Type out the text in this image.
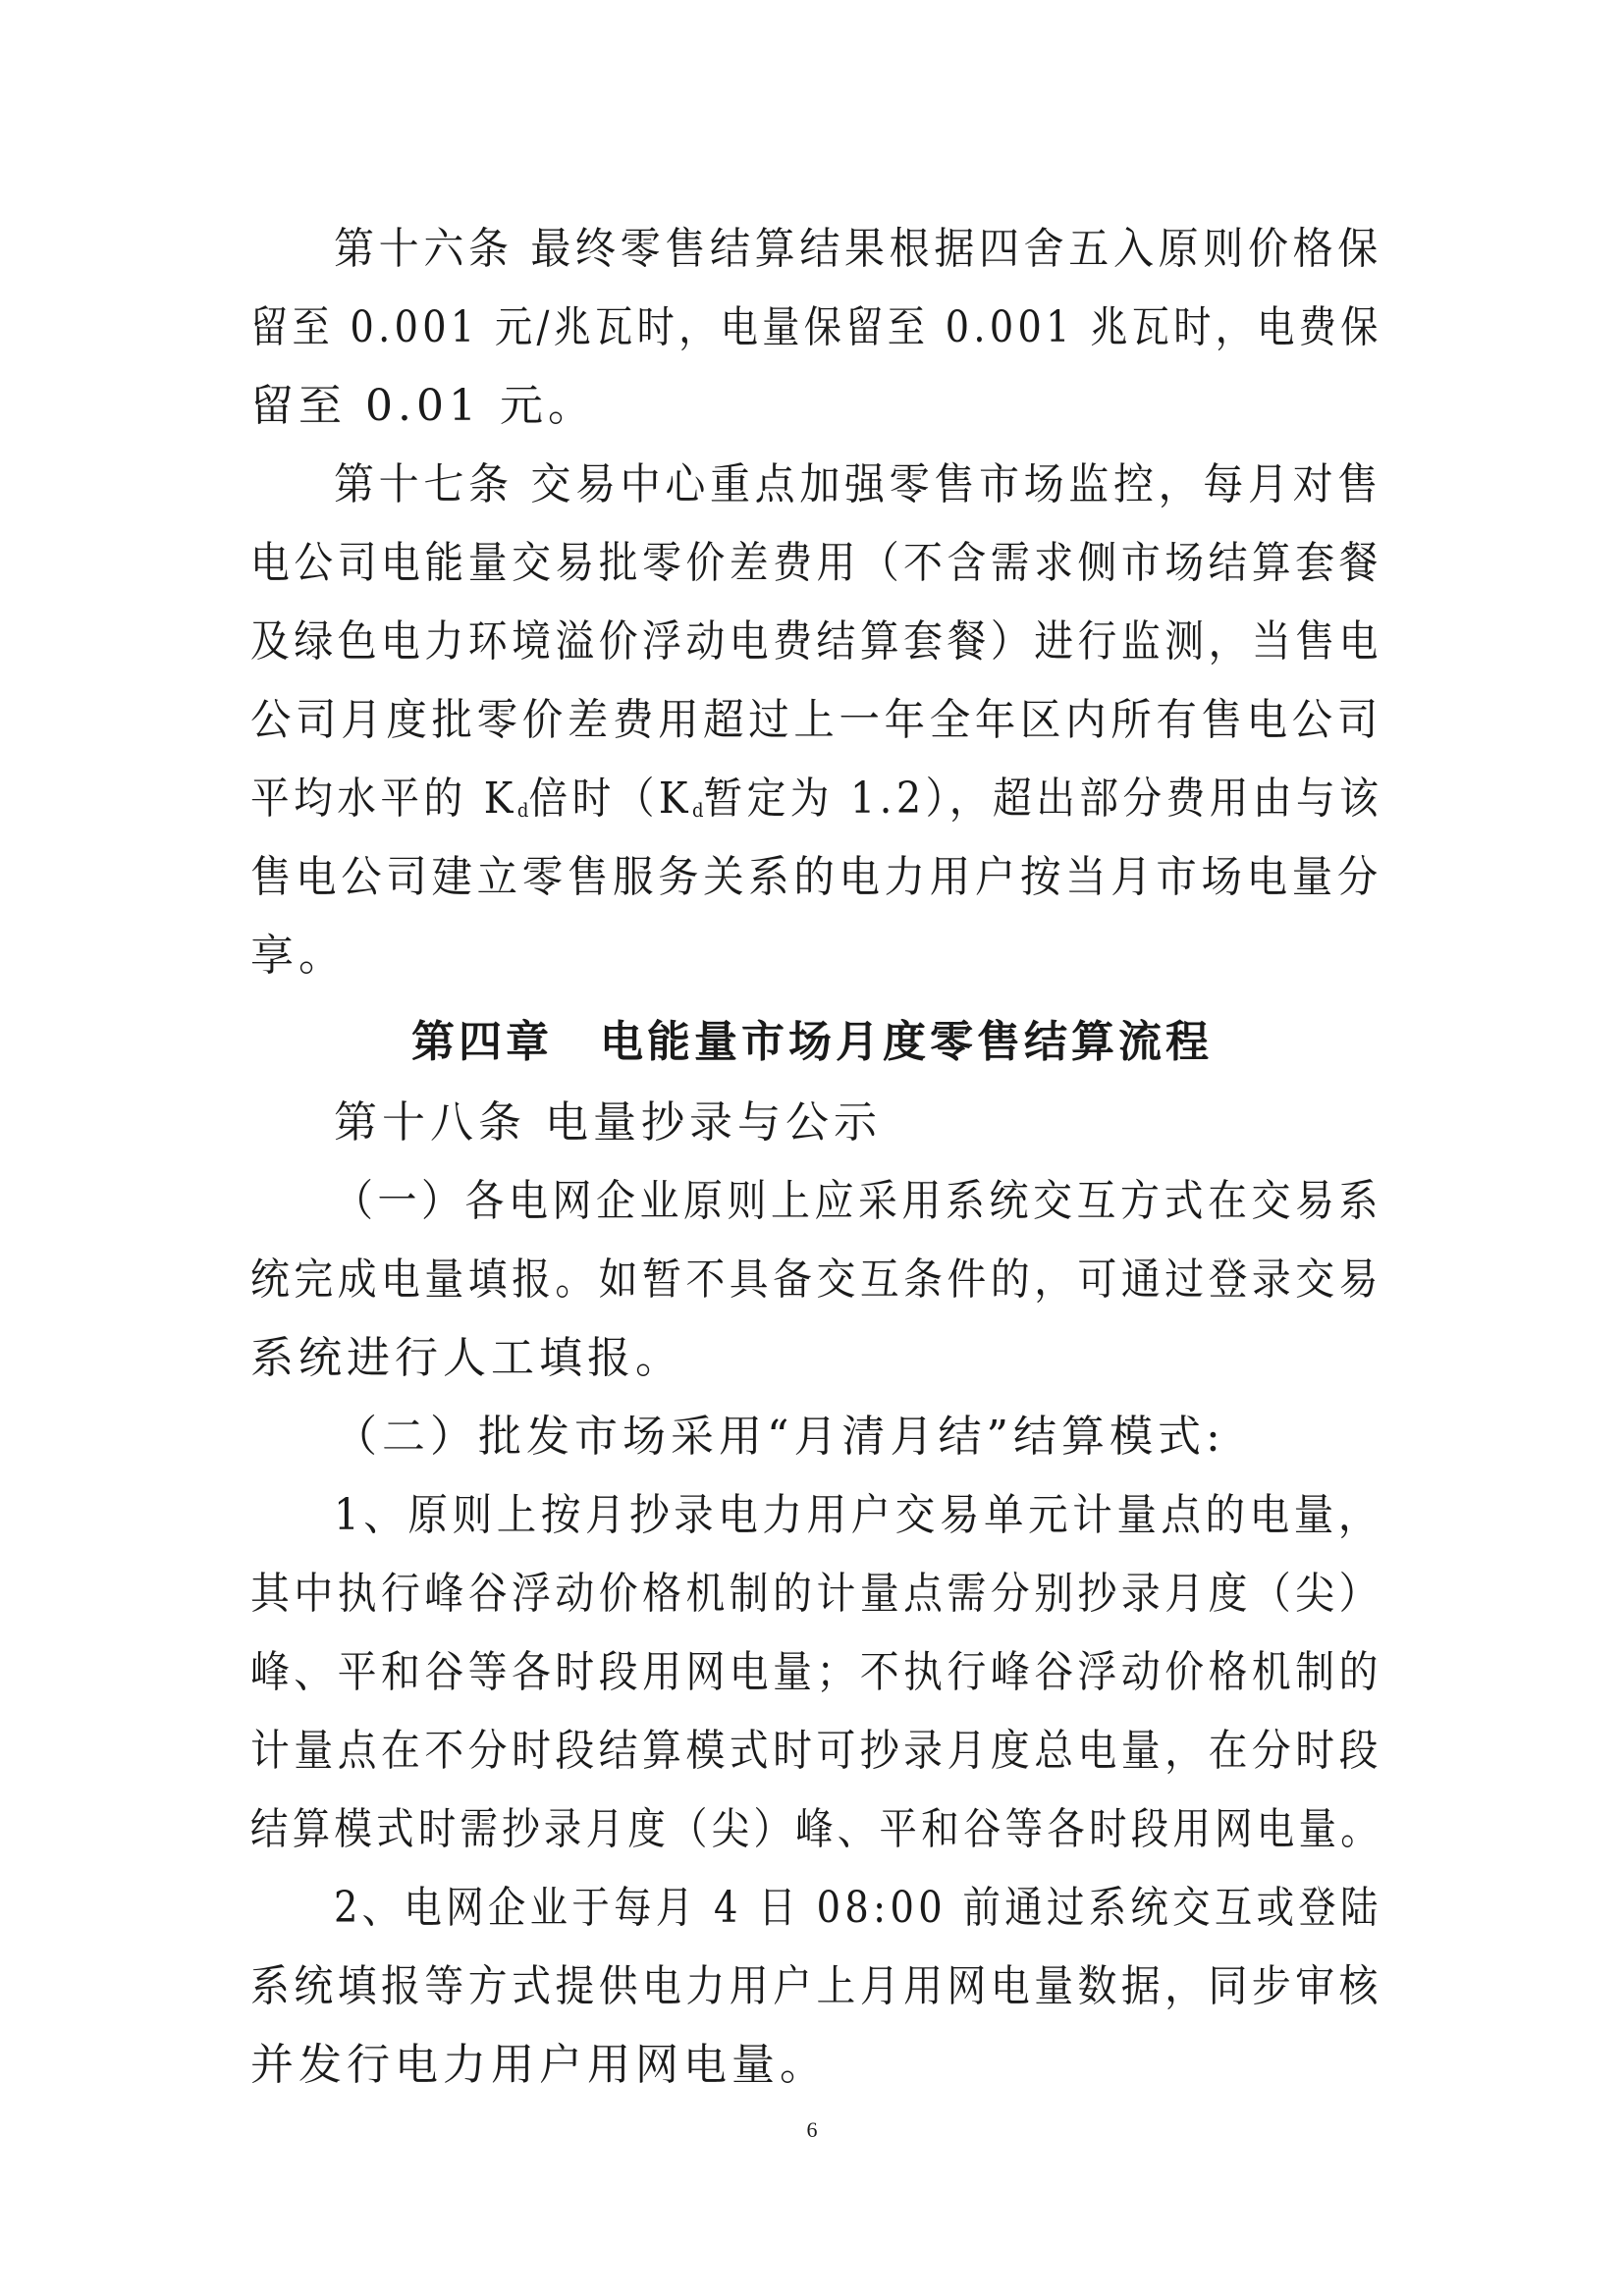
第十六条 最终零售结算结果根据四舍五入原则价格保
留至 0.001 元/兆瓦时，电量保留至 0.001 兆瓦时，电费保
留至 0.01 元。
第十七条 交易中心重点加强零售市场监控，每月对售
电公司电能量交易批零价差费用（不含需求侧市场结算套餐
及绿色电力环境溢价浮动电费结算套餐）进行监测，当售电
公司月度批零价差费用超过上一年全年区内所有售电公司
平均水平的 $K_d$倍时（$K_d$暂定为 1.2），超出部分费用由与该
售电公司建立零售服务关系的电力用户按当月市场电量分
享。
第四章　电能量市场月度零售结算流程
第十八条 电量抄录与公示
（一）各电网企业原则上应采用系统交互方式在交易系
统完成电量填报。如暂不具备交互条件的，可通过登录交易
系统进行人工填报。
（二）批发市场采用“月清月结”结算模式:
1、原则上按月抄录电力用户交易单元计量点的电量，
其中执行峰谷浮动价格机制的计量点需分别抄录月度（尖）
峰、平和谷等各时段用网电量；不执行峰谷浮动价格机制的
计量点在不分时段结算模式时可抄录月度总电量，在分时段
结算模式时需抄录月度（尖）峰、平和谷等各时段用网电量。
2、电网企业于每月 4 日 08:00 前通过系统交互或登陆
系统填报等方式提供电力用户上月用网电量数据，同步审核
并发行电力用户用网电量。
6
